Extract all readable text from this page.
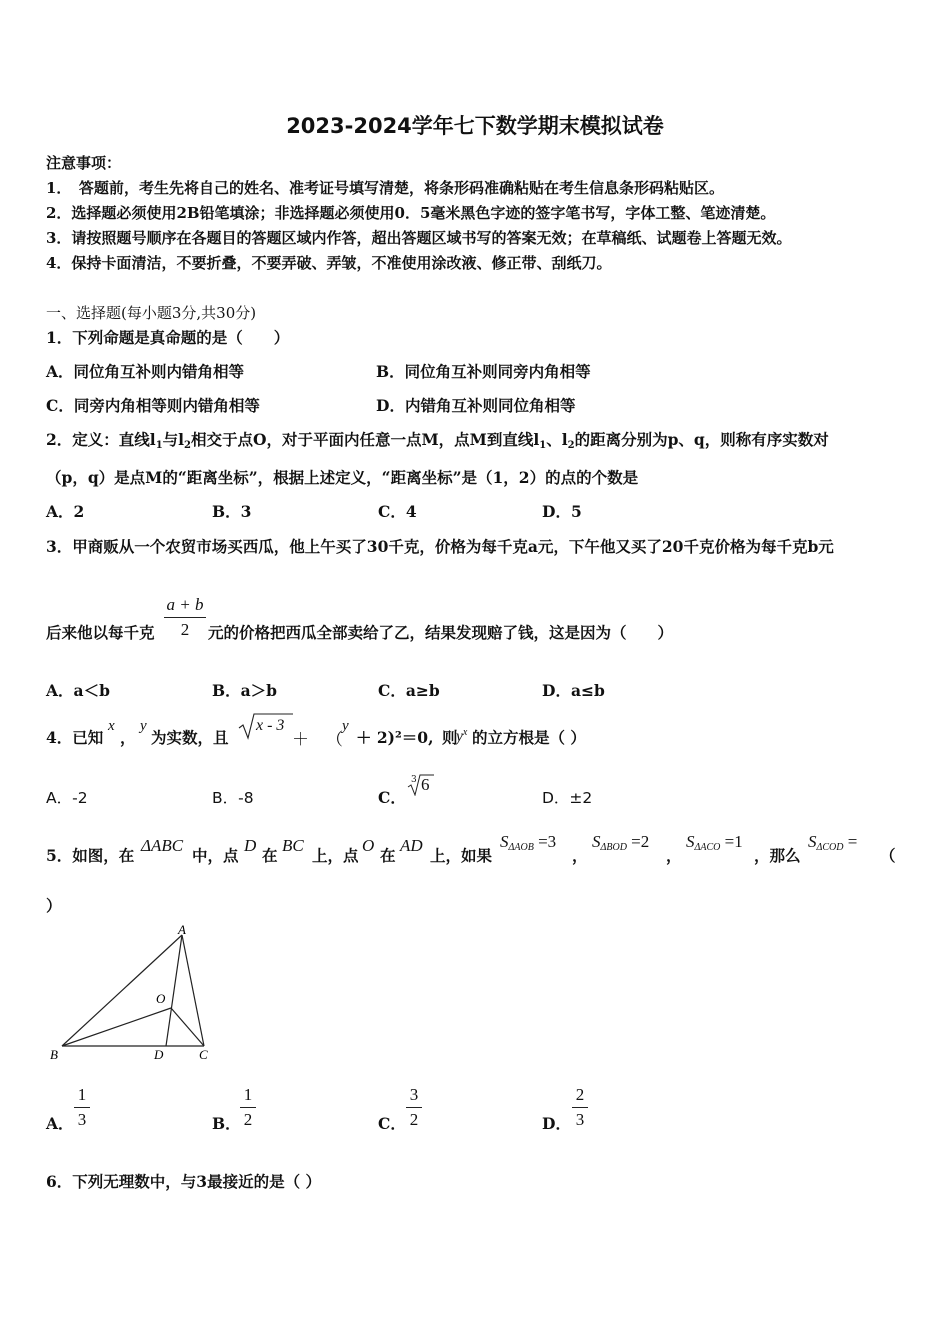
2023-2024学年七下数学期末模拟试卷
注意事项：
1．　答题前，考生先将自己的姓名、准考证号填写清楚，将条形码准确粘贴在考生信息条形码粘贴区。
2．选择题必须使用2B铅笔填涂；非选择题必须使用0．5毫米黑色字迹的签字笔书写，字体工整、笔迹清楚。
3．请按照题号顺序在各题目的答题区域内作答，超出答题区域书写的答案无效；在草稿纸、试题卷上答题无效。
4．保持卡面清洁，不要折叠，不要弄破、弄皱，不准使用涂改液、修正带、刮纸刀。
一、选择题(每小题3分,共30分)
1．下列命题是真命题的是（　　）
A．同位角互补则内错角相等	B．同位角互补则同旁内角相等
C．同旁内角相等则内错角相等	D．内错角互补则同位角相等
2．定义：直线$l_1$与$l_2$相交于点O，对于平面内任意一点M，点M到直线$l_1$、$l_2$的距离分别为p、q，则称有序实数对
（p，q）是点M的“距离坐标”，根据上述定义，“距离坐标”是（1，2）的点的个数是
A．2	B．3	C．4	D．5
3．甲商贩从一个农贸市场买西瓜，他上午买了30千克，价格为每千克a元，下午他又买了20千克价格为每千克b元
后来他以每千克
a + b
2	元的价格把西瓜全部卖给了乙，结果发现赔了钱，这是因为（　　）
A．a＜b	B．a＞b	C．a≥b	D．a≤b
4．已知
x
，
y
为实数，且
x - 3
＋ （
y
＋ 2)²＝0, 则
$y^x$ 的立方根是（ ）
A．-2	B．-8	C．
3 6
D．±2
5．如图，在
ΔABC
中，点
D
在
BC
上，点
O
在
AD
上，如果
$S_{\Delta AOB} =3$
，
$S_{\Delta BOD} =2$
，
$S_{\Delta ACO} =1$
，那么
$S_{\Delta COD}$ =
（
）
A
B	C
D
O
A．
1
3	B．
1
2	C．
3
2	D．
2
3
6．下列无理数中，与3最接近的是（ ）
